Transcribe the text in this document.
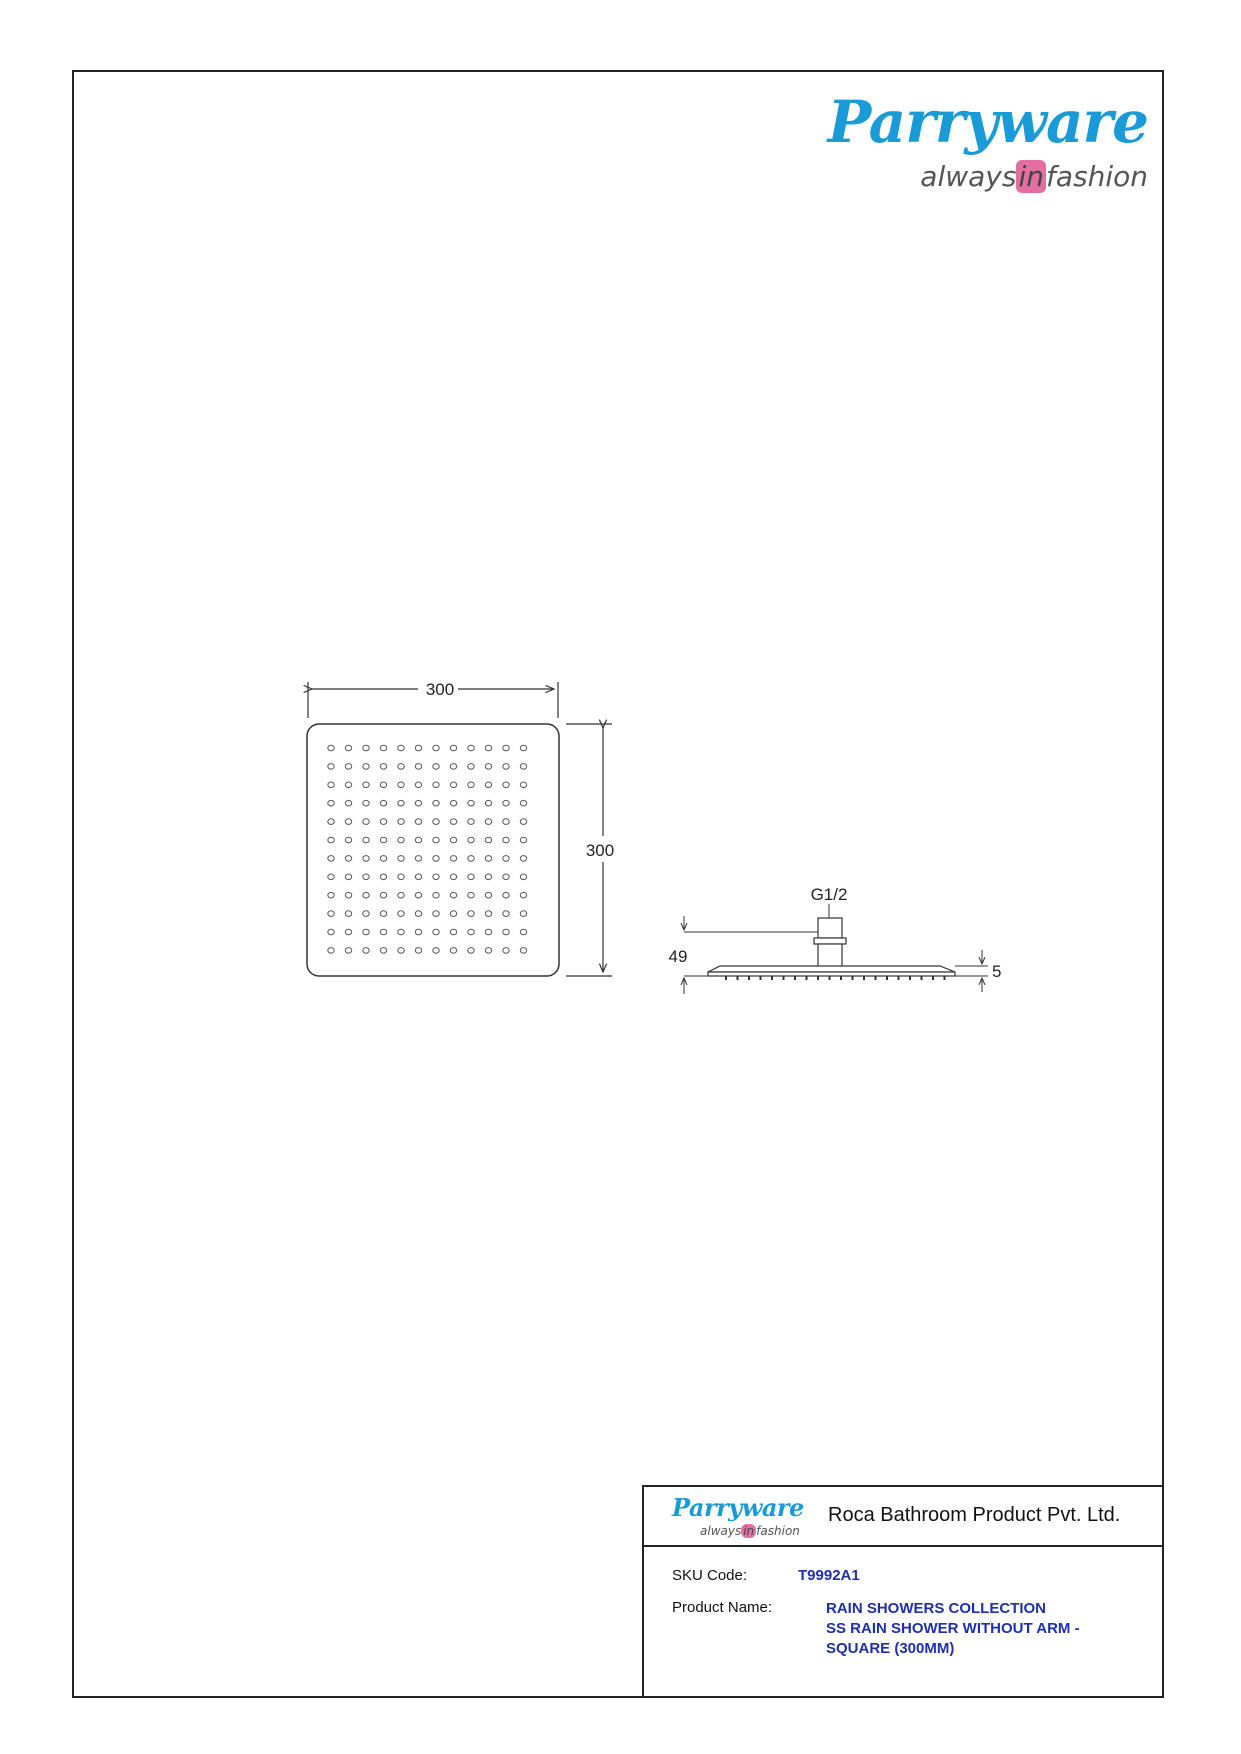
Parryware
alwaysinfashion
300
300
G1/2
49
5
Parryware
always in fashion
Roca Bathroom Product Pvt. Ltd.
SKU Code:	T9992A1
Product Name:	RAIN SHOWERS COLLECTION
SS RAIN SHOWER WITHOUT ARM -
SQUARE (300MM)
